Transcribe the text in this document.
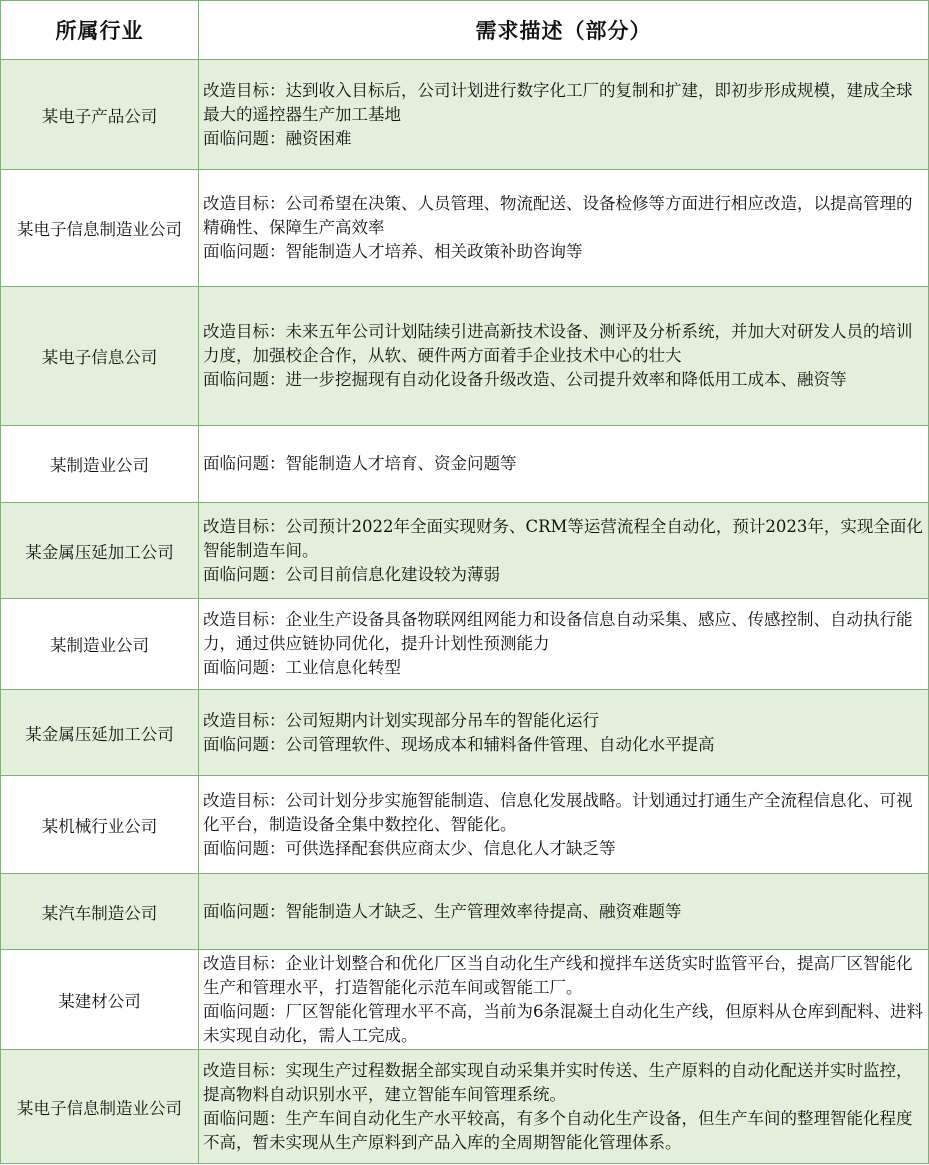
所属行业	需求描述（部分）
某电子产品公司	改造目标：达到收入目标后，公司计划进行数字化工厂的复制和扩建，即初步形成规模，建成全球最大的遥控器生产加工基地
面临问题：融资困难

某电子信息制造业公司	改造目标：公司希望在决策、人员管理、物流配送、设备检修等方面进行相应改造，以提高管理的精确性、保障生产高效率
面临问题：智能制造人才培养、相关政策补助咨询等

某电子信息公司	改造目标：未来五年公司计划陆续引进高新技术设备、测评及分析系统，并加大对研发人员的培训力度，加强校企合作，从软、硬件两方面着手企业技术中心的壮大
面临问题：进一步挖掘现有自动化设备升级改造、公司提升效率和降低用工成本、融资等

某制造业公司	面临问题：智能制造人才培育、资金问题等

某金属压延加工公司	改造目标：公司预计2022年全面实现财务、CRM等运营流程全自动化，预计2023年，实现全面化智能制造车间。
面临问题：公司目前信息化建设较为薄弱

某制造业公司	改造目标：企业生产设备具备物联网组网能力和设备信息自动采集、感应、传感控制、自动执行能力，通过供应链协同优化，提升计划性预测能力
面临问题：工业信息化转型

某金属压延加工公司	改造目标：公司短期内计划实现部分吊车的智能化运行
面临问题：公司管理软件、现场成本和辅料备件管理、自动化水平提高

某机械行业公司	改造目标：公司计划分步实施智能制造、信息化发展战略。计划通过打通生产全流程信息化、可视化平台，制造设备全集中数控化、智能化。
面临问题：可供选择配套供应商太少、信息化人才缺乏等

某汽车制造公司	面临问题：智能制造人才缺乏、生产管理效率待提高、融资难题等

某建材公司	改造目标：企业计划整合和优化厂区当自动化生产线和搅拌车送货实时监管平台，提高厂区智能化生产和管理水平，打造智能化示范车间或智能工厂。
面临问题：厂区智能化管理水平不高，当前为6条混凝土自动化生产线，但原料从仓库到配料、进料未实现自动化，需人工完成。

某电子信息制造业公司	改造目标：实现生产过程数据全部实现自动采集并实时传送、生产原料的自动化配送并实时监控，提高物料自动识别水平，建立智能车间管理系统。
面临问题：生产车间自动化生产水平较高，有多个自动化生产设备，但生产车间的整理智能化程度不高，暂未实现从生产原料到产品入库的全周期智能化管理体系。
